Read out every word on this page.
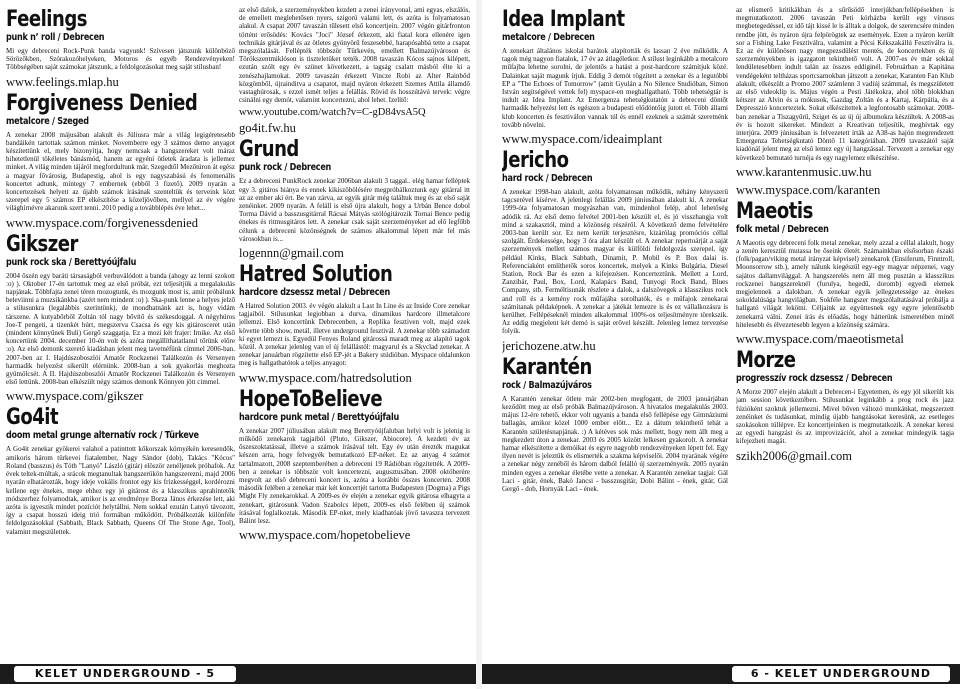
Feelings
punk n’ roll / Debrecen

Mi egy debreceni Rock-Punk banda vagyunk! Szívesen játszunk különböző Sörözőkben, Szórakozóhelyeken, Motoros és egyéb Rendezvényeken! Többségében saját számokat játszunk, a feldolgozásokat meg saját stílusban!

www.feelings.mlap.hu
Forgiveness Denied
metalcore / Szeged

A zenekar 2008 májusában alakult és Júliusra már a világ legigéretesebb bandáikén tartottak számon minket. Novemberre egy 3 számos demo anyagot készítettünk el, mely bizonyítja, hogy nemcsak a hangszereket volt máraz hihetetlenül tökéletes bánásmód, hanem az egyéni ötletek áradata is jellemez minket. A világ minden tájáról megfordultunk már, Szegedtől Mezőtúron át egész a magyar fővárosig, Budapestig, ahol is egy nagyszabású és fenomenális koncertet adtunk, mintegy 7 embernek (ebből 3 fizető). 2009 nyarán a koncertezések helyett az újabb számok írásának szenteltük és terveink közt szerepel egy 5 számos EP elkészítése a közeljövőben, mellyel az év végére világhírnévre akarunk szert tenni. 2010 pedig a továbblépés éve lehet...

www.myspace.com/forgivenessdenied
Gikszer
punk rock ska / Berettyóújfalu

2004 őszén egy baráti társaságból verbuválódott a banda (ahogy az lenni szokott :o) ). Oktober 17-én tartottuk meg az első próbát, ezt teljesítjük a megalakulás napjának. Többfajta zenei téren mozogtunk, és mozgunk most is, amit próbálunk beleviinni a muzsikánkba (azért nem mindent :o) ). Ska-punk lenne a helyes jelző a stílusunkra (legalábbis szerintünk), de mondhatnánk azt is, hogy vidám társzene. A kutyabőrből Zoltán tól nagy bővítő és székesdoggal. A négyhúros Joe-T pengeti, a tizenkét húrt, megszerva Csacsa és egy kis gitárosceret után (mindent könnyűnek Buli) Gergő szaggatja. Ez a mozi két frajer: Imike. Az első koncertünk 2004. december 10-én volt és azóta megállíthatatlanul tőrünk előre :o). Az első demonk szerető kiadásban jelent meg tavetnéfünk címmel 2006-ban. 2007-ben az I. Hajdúszoboszlói Amatőr Rockzenei Találkozón és Versenyen harmadik helyezést sikerült elérnünk. 2008-ban a sok gyakorlás meghozta gyümölcsét. A II. Hajdúszoboszlói Amatőr Rockzenei Találkozón és Versenyen első lettünk. 2008-ban elkészült négy számos demonk Könnyen jött címmel.

www.myspace.com/gikszer
Go4it
doom metal grunge alternatív rock / Türkeve

A Go4it zenekar gyökerei valahol a patinttott kőkorszak környékén keresendők, amikoris három türkevei fiatalember, Nagy Sándor (dob), Takács "Kócos" Roland (basszus) és Tóth "Lanyó" László (gitár) elöször zenéljenek próbafok. Az évek teltek-múltak, a srácok megtanultak hangszerükön hangszerezni, majd 2006 nyarán elhatározták, hogy ideje vokális frontot egy kis frizkességgel, kordérozni kellene egy énekes, mege ehhez egy jó gitárost és a klasszikus aprahintetők módszerhez folyamodtak, amikor is az eredménye Borza János érkezése lett, aki azóta is igyeszik mindet pozíciót helytállni. Nem sokkal ezután Lanyó távozott, így a csapat hosszú ideig trió formában működött. Próbálkozták különféle feldolgozásokkal (Sabbath, Black Sabbath, Queens Of The Stone Age, Tool), valamint megszülettek.

az első dalok, a szerzeményekben kezdett a zenei irányvonal, ami egyas, elszálós, de emellett meglehetősen nyers, szigorú valami lett, és azóta is folyamatosan alakul. A csapat 2007 tavaszán tűlesett első koncertjein. 2007 végén gitárfronton történt erősödés: Kovács "Joci" József érkezett, aki fiatal kora ellenére igen technikás gitárjával és az ötletes gyönyörű feszesebbé, harapósabbá tette a csapat megszólalását. Fellépték többször Türkevén, emellett Balmazújvároson és Törökszentmiklóson is tiszteletüket tették. 2008 tavaszán Kócos sajnos kilépett, ezután szólt egy év szünet következett, a tagság csalatt másból élte ki a zenészhajlamokat. 2009 tavaszán érkezett Vincze Robi az Alter Rainbőd közgömből, újrainditva a csapatot, majd nyáron érkezett Szemes Attila államdő vastaghúrosak, s ezzel ismét teljes a felállás. Rövid és hosszútávú tervek: végre csinálni egy demót, valamint koncertezni, ahol lehet. Izelítő:

www.youtube.com/watch?v=C-gD84vsA5Q
go4it.fw.hu
Grund
punk rock / Debrecen

Ez a debreceni PunkRock zenekar 2006ban alakult 3 taggal.. elég hamar felléptek egy 3. gitáros hiánya és ennek kikiszöbölésére megpróbálkoztunk egy gitárral itt az az ember aki ért. Be van zárva, az egyik gitár még találtuk meg és az első saját zenéinket. 2009 nyarán. A feláll is első újra alakult, hogy a Urbán Bence dobol Torma Dávid a basszusgitárral Rácsai Mátyás szólógitározik Tornai Bence pedig énekes és ritmusgitáros lett. A zenekar csak saját szerzeményeket ad elő legfőbb célunk a debreceni közönségnek de számos alkalommal lépett már fel más városokban is...

logennn@gmail.com
Hatred Solution
hardcore dzsessz metal / Debrecen

A Hatred Solution 2003. év végén alakult a Last In Line és az Inside Core zenekar tagjaiból. Stílusunkat legjobban a durva, dinamikus hardcore illmetalcore jellemzi. Első koncertünk Debrecenben, a Replika fesztiven volt, majd ezek követte több show, metál, illetve underground fesztivál. A zenekar több számadott ki egyet lemezt is. Egyedül Fenyes Roland gitárossá maradt meg az alapító tagok közül. A zenekar jelenleg van el új felállástól: magyarul és a Skyclad zenekar. A zenekar januárban rögzítette első EP-jét a Bakery stúdióban. Myspace oldalunkon meg is hallgathatótok a teljes anyagot:

www.myspace.com/hatredsolution
HopeToBelieve
hardcore punk metal / Berettyóújfalu

A zenekar 2007 júliusában alakult meg Berettyóújfaluban helyi volt is jelenig is működő zenekarok tagjaiból (Pluto, Gikszer, Abiocore). A kezdeti év az őszeszoktatással, illetve a számok írásával telt. Egy év után érezték magukat készen arra, hogy felvegyék bemutatkozó EP-néket. Ez az anyag 4 számot tartalmazott, 2008 szeptemberében a debreceni 19 Rádióban rögzítették. A 2009-ben a zenekar is többször volt koncertezni, augusztusában. 2008 októberére megvolt az első debreceni koncert is, azóta a korábbi összes koncerten. 2008 második felében a zenekar már két koncertjét tartotta Budapesten (Dogma) a Pigs Might Fly zenekarokkal. A 2009-es év elején a zenekar egyik gitárosa elhagyta a zenekart, gitárosunk Vadon Szabolcs lépett, 2009-es első felében új számok írásával foglalkoztak. Második EP-nket, mely kiadhatóak jövő tavaszra tervezett Bálint lesz.

www.myspace.com/hopetobelieve
KELET UNDERGROUND - 5
Idea Implant
metalcore / Debrecen

A zenekart általános iskolai barátok alapították és lassan 2 éve működik. A tagok még nagyon fiatalok, 17 év az átlagéletkor. A stílust leginkább a metalcore műfajba lehetne sorolni, de jelentős a hatást a post-hardcore számítjuk közé. Dalainkat saját magunk írjuk. Eddig 3 demót rögzített a zenekar és a legutóbbi EP a "The Echoes of Tomorrow" (amit Gyulán a No Silence Studióban, Simon István segítségével vettek fel) myspace-en meghallgatható. Több tehetségtár is indult az Idea Implant. Az Emergenza tehetségkutatón a debreceni döntőt harmadik helyezést lett és egészen a budapesti elődöntőig jutott el. Több állami klub koncerten és fesztiválon vannak túl és ennél ezeknek a számát szeretnénk tovább növelni.

www.myspace.com/ideaimplant
Jericho
hard rock / Debrecen

A zenekar 1998-ban alakult, azóta folyamatosan működik, néhány kényszerű tagcserével kísérve. A jelenlegi felállás 2009 júniusában alakult ki. A zenekar 1999-óta folyamatosan mogyászban van, mindenhol felép, ahol lehetőség adódik rá. Az első demo felvétel 2001-ben készült el, és jó visszhangja volt mind a szakasztól, mind a közönség részéről. A következő demo felvételére 2003-ban került sor. Ez nem került terjesztésre, kizárólag promóciós céllal szolgált. Érdekessége, hogy 3 óra alatt készült el. A zenekar repertoárját a saját szerzemények mellett számos magyar és külföldi feldolgozás szerepel, így például Kinks, Black Sabbath, Dinamit, P. Mobil és P. Box dalai is. Referenciaként említhetők soros koncertek, melyek a Kinks Bulgária, Diesel Station, Rock Bar és ezen a kifejezésen. Koncerteztünk. Mellett a Lord, Zanzibár, Paul, Box, Lord, Kalapács Band, Tunyogi Rock Band, Blues Company, stb. Ferméltisunák részlete a dalok, a dalszövegek a klasszikus rock and roll és a kemény rock műfajába sorolhatók, és e műfajok zenekarai számítanak példaképnek. A zenekar a játékát lemezre is és ez vállalkozásra is kerülhet. Fellépéseknél minden alkalommal 100%-os teljesítményre törekszik. Az eddig megjelent két demó is saját erővel készült. Jelenleg lemez tervezése folyik.

jerichozene.atw.hu
Karantén
rock / Balmazújváros

A Karantén zenekar ötlete már 2002-ben megfogant, de 2003 januárjában keződött meg az első próbák Balmazújvároson. A hivatalos megalakulás 2003. május 12-ére tehető, ekkor volt ugyanis a banda első fellépése egy Gimnáziumi ballagás, amikor közel 1000 ember előtt... Ez a dátum tekinthető tehát a Karantén születésnapjának. :) A kétéves sok más mellett, hogy nem állt meg a megkezdett úton a zenekar. 2003 és 2005 között lelkesen gyakorolt. A zenekar hamar elkészítette a demóikat és egyre nagyobb rendezvényeken lépett fel. Egy ilyen nevét is jeleztük és elismerték a szakma képviselői. 2004 nyarának végére a zenekar négy zenéből és három dalból felálló új szerzeményeik. 2005 nyarán minden egyes a zenekar életébe vette a zenekar. A Karantén zenekar tagjai: Gál Laci - gitár, ének, Bakó Jancsi - basszusgitár, Dobi Bálint - ének, gitár, Gál Gergő - dob, Hornyák Laci - ének.

az elismerő kritikákban és a sűrűsödő interjúkban/fellépésekben is megmutatkozott. 2006 tavaszán Peti kórházba került egy vírusos megbetegedéssel, ez idő tájt kissé le is álltak a dolgok, de szerencsére minden rendbe jött, és nyáron újra felpörögtek az események. Ezen a nyáron került sor a Fishing Lake Fesztiválra, valamint a Pécsi Kékszakállú Fesztiválra is. Ez az év különösen nagy megpezsdülést mentés, de koncertekben és új szerzeményekben is igazgatott tekinthető volt. A 2007-es év már sokkal lendületesebben indult talán az összes eddiginél. Februárban a Kapitána vendégeként teltházas sportcsarnokban játszott a zenekar, Karanten Fan Klub alakult, elkészült a Promo 2007 számlenn 3 vadiúj számmal, és megszületett az első videoklip is. Május végén a Pesti Játékokra, ahol több blokkban kétszer az Alvin és a mókusok, Gazdag Zoltán és a Kartaj, Kárpátia, és a Depresszió koncerteztek. Sokat elkészítettek a legfontosabb számokat. 2008-ban zenekar a Tiszagyűrű, Sziget és az új új albumokra készültek. A 2008-as év is hozott sikereket. Mindezt a Kreatívan teljesítik, meghívtak egy interjúra. 2009 júniusában is felvezetett írták az A38-as hajón megrendezett Emergenza Tehetségkutató Döntő 11 kategóriában. 2009 tavaszától saját kiadónál jelent meg az első lemez egy új hangzással. Tervezett a zenekar egy következő bemutató turnéja és egy nagylemez elkészítése.

www.karantenmusic.uw.hu
www.myspace.com/karanten
Maeotis
folk metal / Debrecen

A Maeotis egy debreceni folk metal zenekar, mely azzal a céllal alakult, hogy a zenén keresztül mutassa be őseink életét. Számainkban elsősorban északi (folk/pagan/viking metal irányzat képvisel) zenekarok (Ensiferum, Finntroll, Moonsorrow stb.), amely nálunk kiegészül egy-egy magyar népzenei, vagy sajátos dallamvilággal. A hangszerelés nem áll meg pusztán a klasszikus rockzenei hangszereknél (furulya, hegedű, doromb) egyedi elemek megjelennek a dalokban. A zenekar egyik jellegzetessége az énekes sokoldalúsága hangvilágban. Sokféle hangszer megszólaltatásával próbálja a hallgató világát lekötni. Céljaink az együttesnek egy egyre jelentősebb zenekarrá válni. Zenei írás és előadás, hogy hátterünk ismeretében minél hitelesebb és élvezetesebb legyen a közönség számára.

www.myspace.com/maeotismetal
Morze
progresszív rock dzsessz / Debrecen

A Morze 2007 elején alakult a Debrecen-i Egyetemen, és egy jól sikerült kis jam session következtében. Stílusunkat leginkább a prog rock és jazz fúzióként szoktuk jellemezni. Mivel bőven változó munkánkat, megszerzett zenéinket és tudásunkat, mindig újabb hangzásokat keresünk, az esetleges szokásokon túllépve. Ez koncertjeinken is megmutatkozik. A zenekar keresi az egyedi hangzást és az improvizációt, ahol a zenekar mindegyik tagja kifejezheti magát.

szikh2006@gmail.com
6 - KELET UNDERGROUND
